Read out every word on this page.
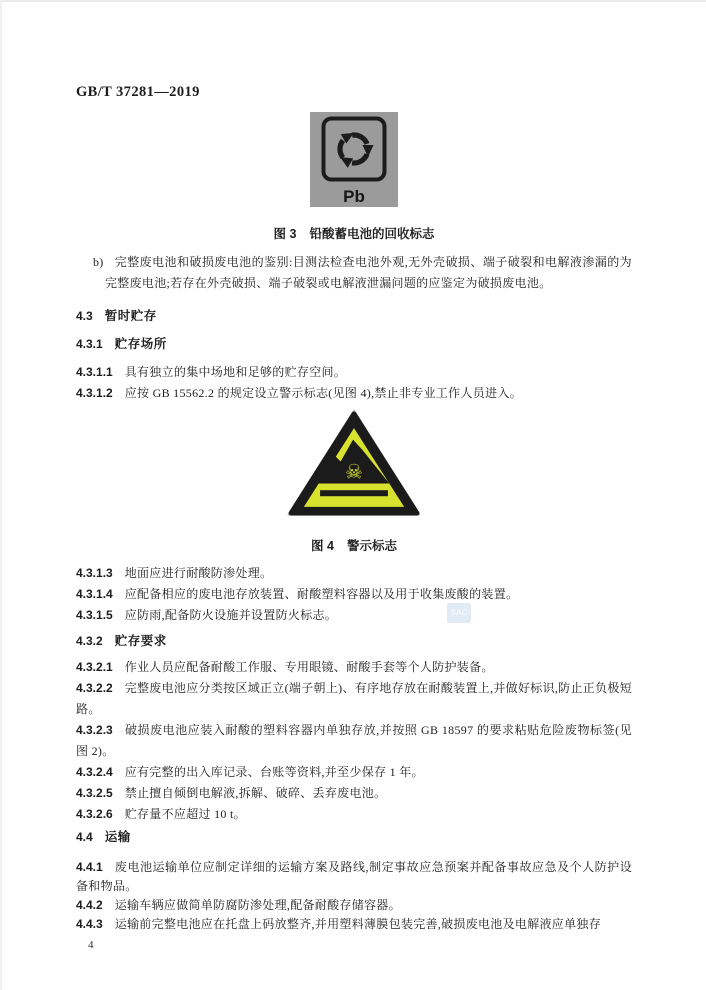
GB/T 37281—2019
Pb
图 3 铅酸蓄电池的回收标志

b) 完整废电池和破损废电池的鉴别:目测法检查电池外观,无外壳破损、端子破裂和电解液渗漏的为完整废电池;若存在外壳破损、端子破裂或电解液泄漏问题的应鉴定为破损废电池。

4.3 暂时贮存

4.3.1 贮存场所

4.3.1.1 具有独立的集中场地和足够的贮存空间。

4.3.1.2 应按 GB 15562.2 的规定设立警示标志(见图 4),禁止非专业工作人员进入。

☠
图 4 警示标志

4.3.1.3 地面应进行耐酸防渗处理。

4.3.1.4 应配备相应的废电池存放装置、耐酸塑料容器以及用于收集废酸的装置。

4.3.1.5 应防雨,配备防火设施并设置防火标志。

4.3.2 贮存要求

4.3.2.1 作业人员应配备耐酸工作服、专用眼镜、耐酸手套等个人防护装备。

4.3.2.2 完整废电池应分类按区域正立(端子朝上)、有序地存放在耐酸装置上,并做好标识,防止正负极短路。

4.3.2.3 破损废电池应装入耐酸的塑料容器内单独存放,并按照 GB 18597 的要求粘贴危险废物标签(见图 2)。

4.3.2.4 应有完整的出入库记录、台账等资料,并至少保存 1 年。

4.3.2.5 禁止擅自倾倒电解液,拆解、破碎、丢弃废电池。

4.3.2.6 贮存量不应超过 10 t。

4.4 运输

4.4.1 废电池运输单位应制定详细的运输方案及路线,制定事故应急预案并配备事故应急及个人防护设备和物品。

4.4.2 运输车辆应做简单防腐防渗处理,配备耐酸存储容器。

4.4.3 运输前完整电池应在托盘上码放整齐,并用塑料薄膜包装完善,破损废电池及电解液应单独存

4
SAC
